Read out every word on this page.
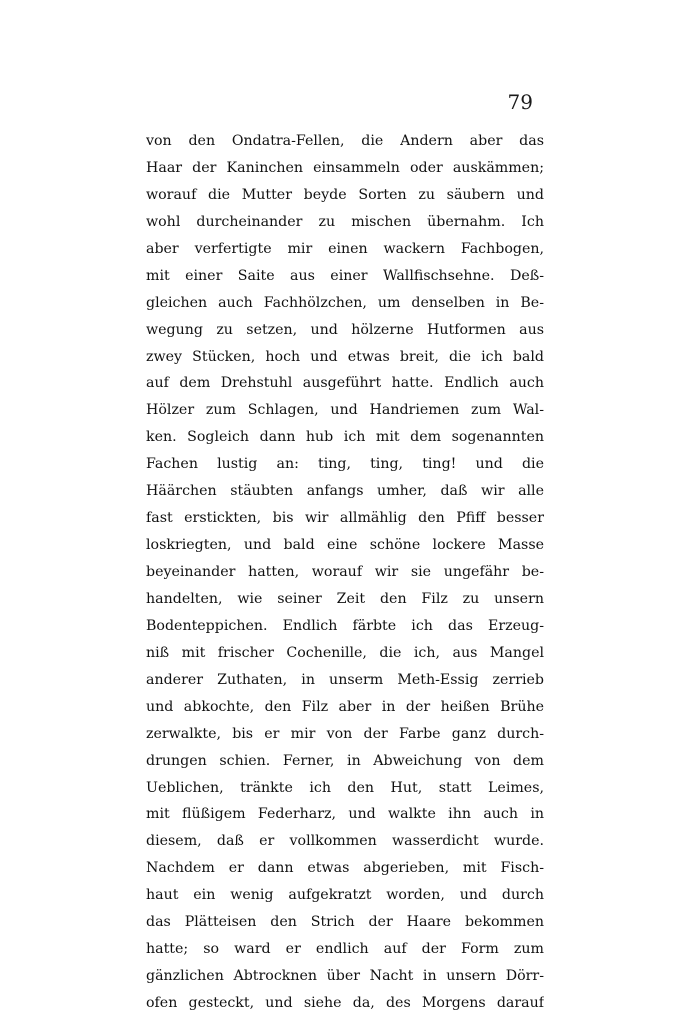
79
von den Ondatra-Fellen, die Andern aber das
Haar der Kaninchen einsammeln oder auskämmen;
worauf die Mutter beyde Sorten zu säubern und
wohl durcheinander zu mischen übernahm. Ich
aber verfertigte mir einen wackern Fachbogen,
mit einer Saite aus einer Wallfischsehne. Deß-
gleichen auch Fachhölzchen, um denselben in Be-
wegung zu setzen, und hölzerne Hutformen aus
zwey Stücken, hoch und etwas breit, die ich bald
auf dem Drehstuhl ausgeführt hatte. Endlich auch
Hölzer zum Schlagen, und Handriemen zum Wal-
ken. Sogleich dann hub ich mit dem sogenannten
Fachen lustig an: ting, ting, ting! und die
Häärchen stäubten anfangs umher, daß wir alle
fast erstickten, bis wir allmählig den Pfiff besser
loskriegten, und bald eine schöne lockere Masse
beyeinander hatten, worauf wir sie ungefähr be-
handelten, wie seiner Zeit den Filz zu unsern
Bodenteppichen. Endlich färbte ich das Erzeug-
niß mit frischer Cochenille, die ich, aus Mangel
anderer Zuthaten, in unserm Meth-Essig zerrieb
und abkochte, den Filz aber in der heißen Brühe
zerwalkte, bis er mir von der Farbe ganz durch-
drungen schien. Ferner, in Abweichung von dem
Ueblichen, tränkte ich den Hut, statt Leimes,
mit flüßigem Federharz, und walkte ihn auch in
diesem, daß er vollkommen wasserdicht wurde.
Nachdem er dann etwas abgerieben, mit Fisch-
haut ein wenig aufgekratzt worden, und durch
das Plätteisen den Strich der Haare bekommen
hatte; so ward er endlich auf der Form zum
gänzlichen Abtrocknen über Nacht in unsern Dörr-
ofen gesteckt, und siehe da, des Morgens darauf
